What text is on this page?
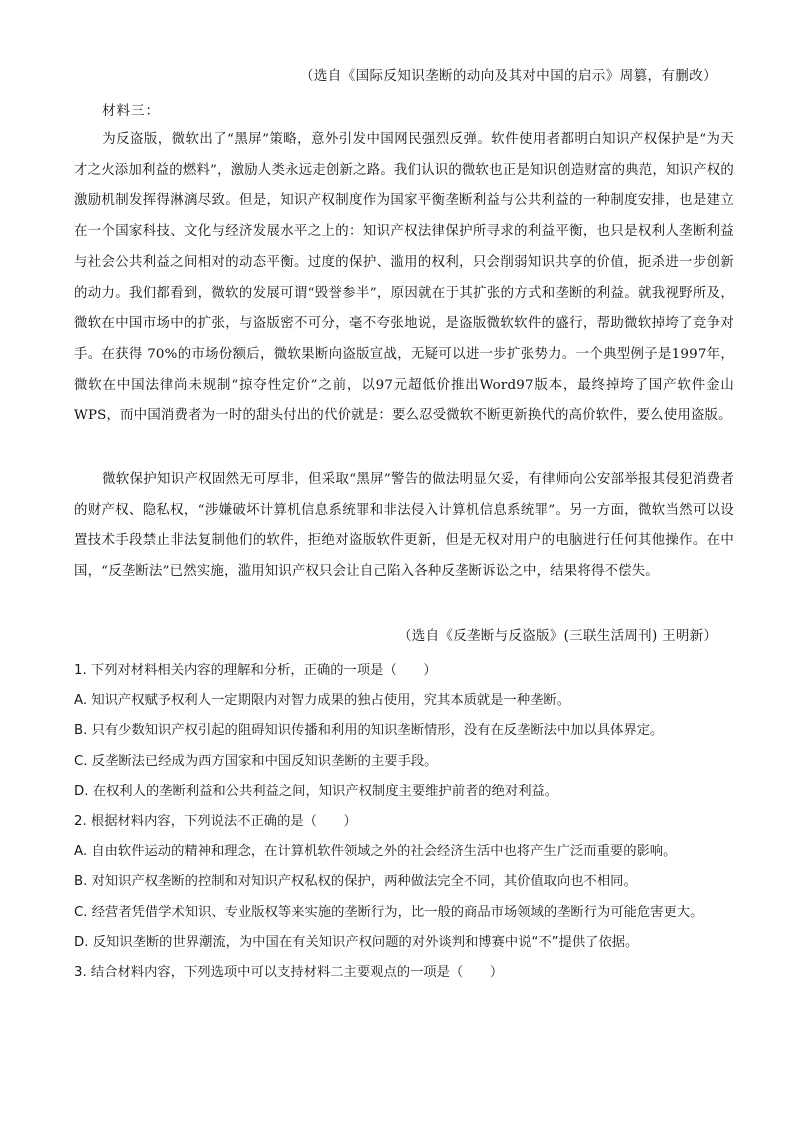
（选自《国际反知识垄断的动向及其对中国的启示》周篡，有删改）
材料三：
为反盗版，微软出了“黑屏”策略，意外引发中国网民强烈反弹。软件使用者都明白知识产权保护是“为天才之火添加利益的燃料”，激励人类永远走创新之路。我们认识的微软也正是知识创造财富的典范，知识产权的激励机制发挥得淋漓尽致。但是，知识产权制度作为国家平衡垄断利益与公共利益的一种制度安排，也是建立在一个国家科技、文化与经济发展水平之上的：知识产权法律保护所寻求的利益平衡，也只是权利人垄断利益与社会公共利益之间相对的动态平衡。过度的保护、滥用的权利，只会削弱知识共享的价值，扼杀进一步创新的动力。我们都看到，微软的发展可谓“毁誉参半”，原因就在于其扩张的方式和垄断的利益。就我视野所及，微软在中国市场中的扩张，与盗版密不可分，毫不夸张地说，是盗版微软软件的盛行，帮助微软掉垮了竞争对手。在获得 70%的市场份额后，微软果断向盗版宣战，无疑可以进一步扩张势力。一个典型例子是1997年，微软在中国法律尚未规制“掠夺性定价”之前，以97元超低价推出Word97版本，最终掉垮了国产软件金山WPS，而中国消费者为一时的甜头付出的代价就是：要么忍受微软不断更新换代的高价软件，要么使用盗版。
微软保护知识产权固然无可厚非，但采取“黑屏”警告的做法明显欠妥，有律师向公安部举报其侵犯消费者的财产权、隐私权，“涉嫌破坏计算机信息系统罪和非法侵入计算机信息系统罪”。另一方面，微软当然可以设置技术手段禁止非法复制他们的软件，拒绝对盗版软件更新，但是无权对用户的电脑进行任何其他操作。在中国，“反垄断法”已然实施，滥用知识产权只会让自己陷入各种反垄断诉讼之中，结果将得不偿失。
（选自《反垄断与反盗版》(三联生活周刊) 王明新）
1. 下列对材料相关内容的理解和分析，正确的一项是（　　）
A. 知识产权赋予权利人一定期限内对智力成果的独占使用，究其本质就是一种垄断。
B. 只有少数知识产权引起的阻碍知识传播和利用的知识垄断情形，没有在反垄断法中加以具体界定。
C. 反垄断法已经成为西方国家和中国反知识垄断的主要手段。
D. 在权利人的垄断利益和公共利益之间，知识产权制度主要维护前者的绝对利益。
2. 根据材料内容，下列说法不正确的是（　　）
A. 自由软件运动的精神和理念，在计算机软件领域之外的社会经济生活中也将产生广泛而重要的影响。
B. 对知识产权垄断的控制和对知识产权私权的保护，两种做法完全不同，其价值取向也不相同。
C. 经营者凭借学术知识、专业版权等来实施的垄断行为，比一般的商品市场领域的垄断行为可能危害更大。
D. 反知识垄断的世界潮流，为中国在有关知识产权问题的对外谈判和博赛中说“不”提供了依据。
3. 结合材料内容，下列选项中可以支持材料二主要观点的一项是（　　）
